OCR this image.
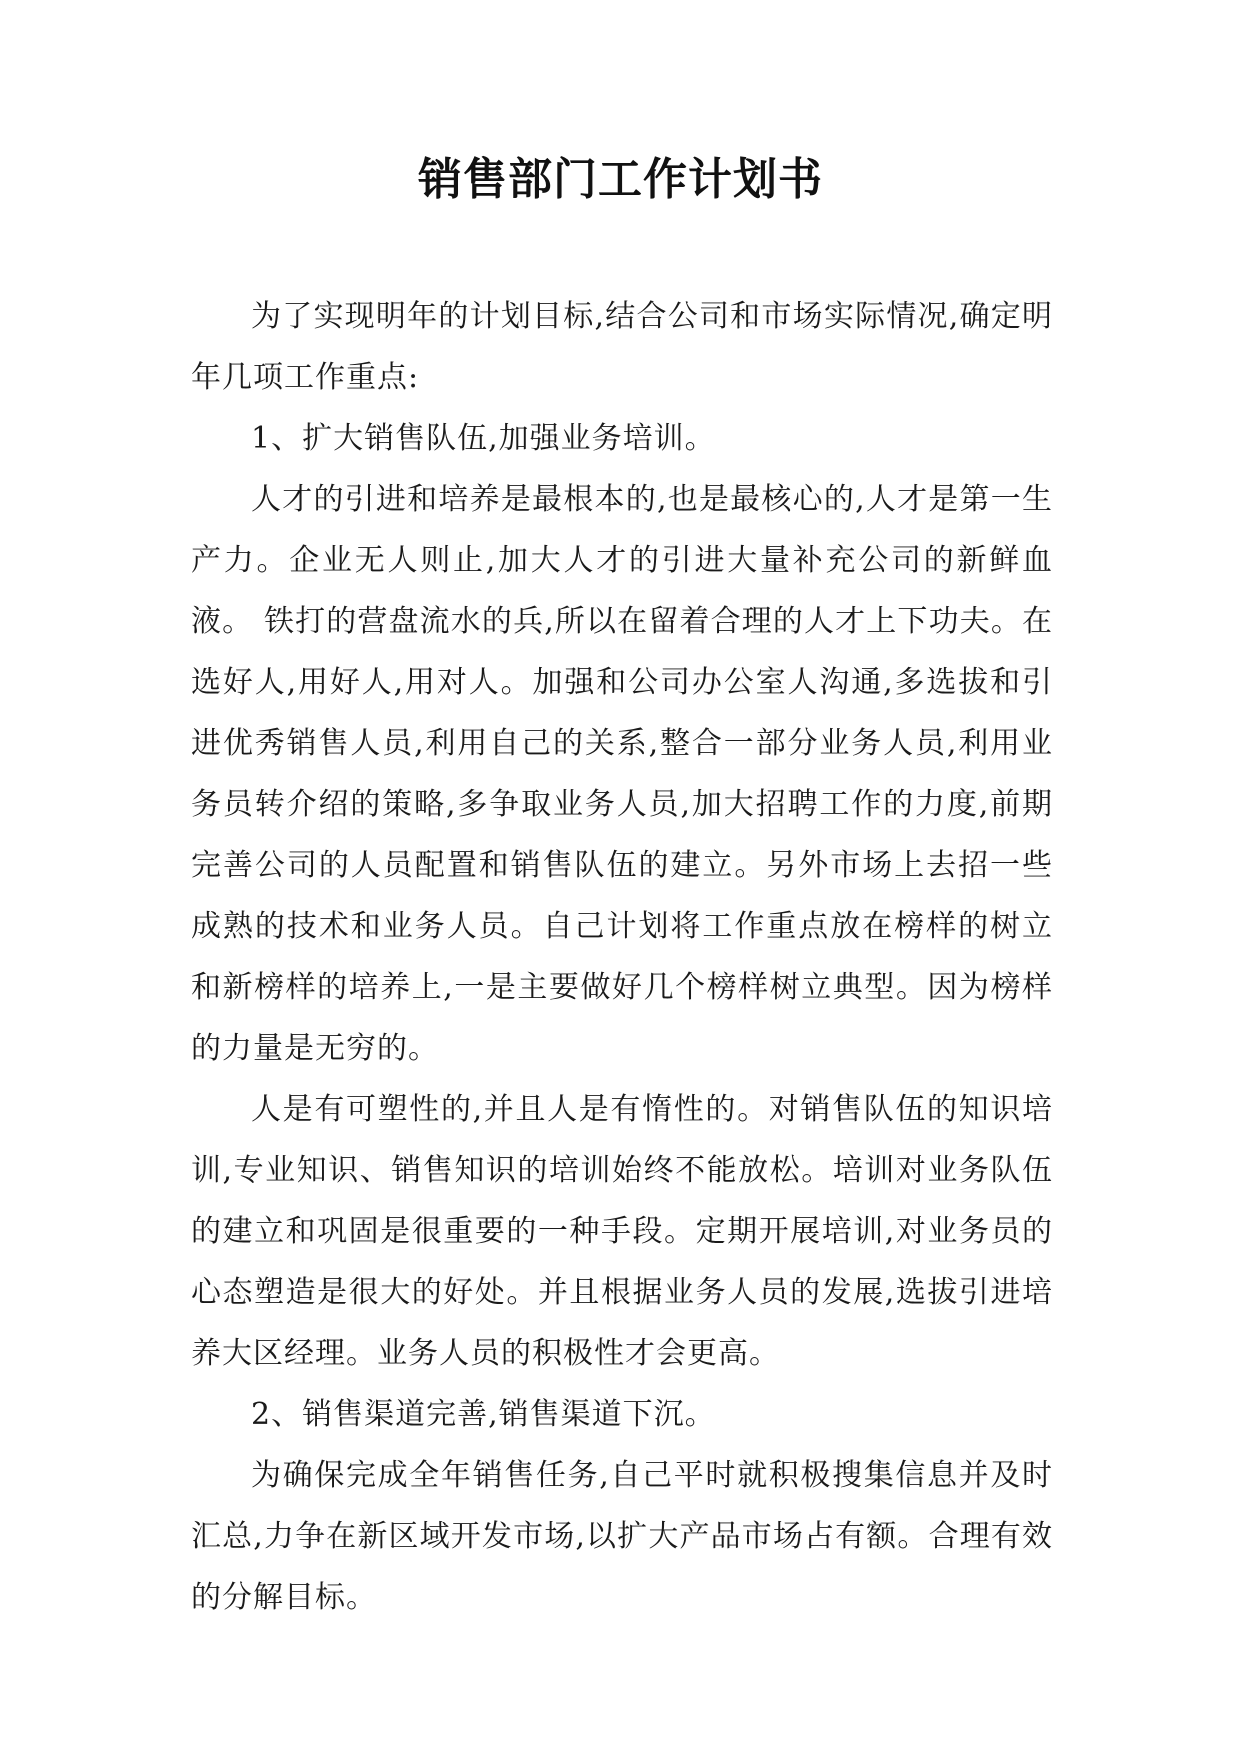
销售部门工作计划书

为了实现明年的计划目标,结合公司和市场实际情况,确定明年几项工作重点:

1、扩大销售队伍,加强业务培训。

人才的引进和培养是最根本的,也是最核心的,人才是第一生产力。企业无人则止,加大人才的引进大量补充公司的新鲜血液。 铁打的营盘流水的兵,所以在留着合理的人才上下功夫。在选好人,用好人,用对人。加强和公司办公室人沟通,多选拔和引进优秀销售人员,利用自己的关系,整合一部分业务人员,利用业务员转介绍的策略,多争取业务人员,加大招聘工作的力度,前期完善公司的人员配置和销售队伍的建立。另外市场上去招一些成熟的技术和业务人员。自己计划将工作重点放在榜样的树立和新榜样的培养上,一是主要做好几个榜样树立典型。因为榜样的力量是无穷的。

人是有可塑性的,并且人是有惰性的。对销售队伍的知识培训,专业知识、销售知识的培训始终不能放松。培训对业务队伍的建立和巩固是很重要的一种手段。定期开展培训,对业务员的心态塑造是很大的好处。并且根据业务人员的发展,选拔引进培养大区经理。业务人员的积极性才会更高。

2、销售渠道完善,销售渠道下沉。

为确保完成全年销售任务,自己平时就积极搜集信息并及时汇总,力争在新区域开发市场,以扩大产品市场占有额。合理有效的分解目标。
